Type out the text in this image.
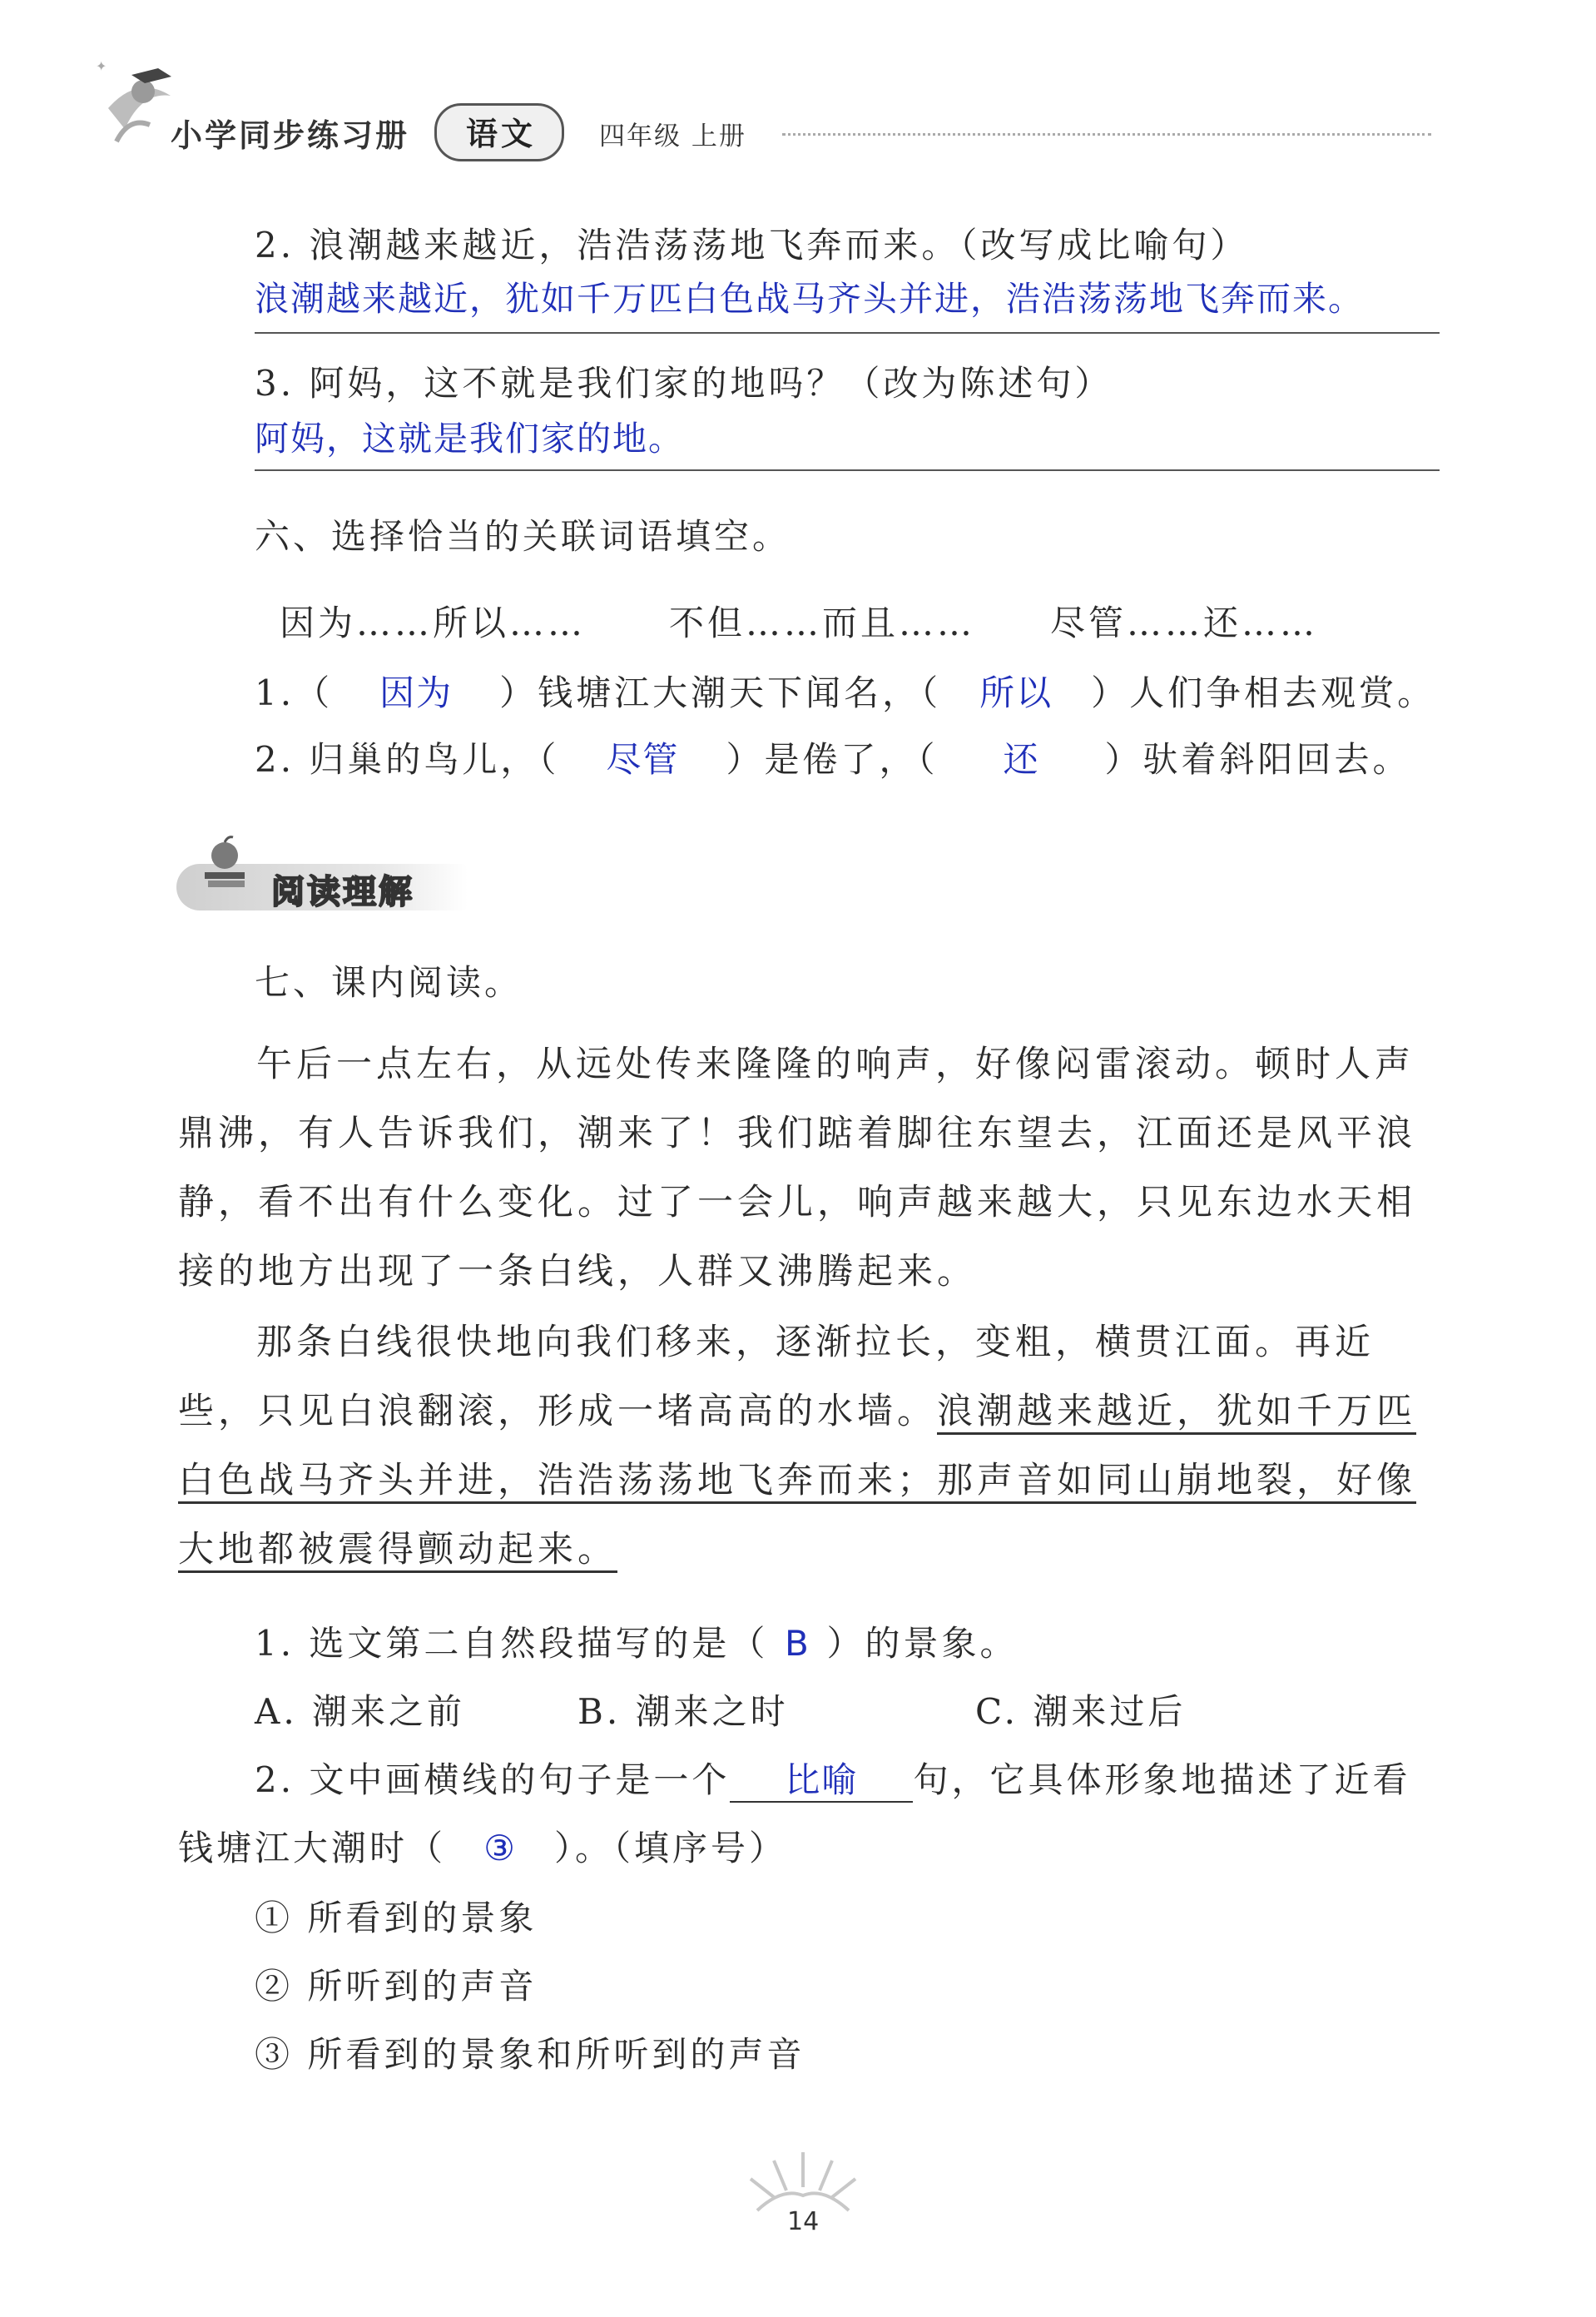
✦
小学同步练习册 语文 四年级 上册
2. 浪潮越来越近，浩浩荡荡地飞奔而来。（改写成比喻句）
浪潮越来越近，犹如千万匹白色战马齐头并进，浩浩荡荡地飞奔而来。
3. 阿妈，这不就是我们家的地吗？（改为陈述句）
阿妈，这就是我们家的地。
六、选择恰当的关联词语填空。
因为……所以…… 不但……而且…… 尽管……还……
1.（ 因为 ）钱塘江大潮天下闻名，（ 所以 ）人们争相去观赏。
2. 归巢的鸟儿，（ 尽管 ）是倦了，（ 还 ）驮着斜阳回去。
阅读理解
七、课内阅读。
午后一点左右，从远处传来隆隆的响声，好像闷雷滚动。顿时人声鼎沸，有人告诉我们，潮来了！我们踮着脚往东望去，江面还是风平浪静，看不出有什么变化。过了一会儿，响声越来越大，只见东边水天相接的地方出现了一条白线，人群又沸腾起来。
那条白线很快地向我们移来，逐渐拉长，变粗，横贯江面。再近些，只见白浪翻滚，形成一堵高高的水墙。浪潮越来越近，犹如千万匹白色战马齐头并进，浩浩荡荡地飞奔而来；那声音如同山崩地裂，好像大地都被震得颤动起来。
1. 选文第二自然段描写的是（ B ）的景象。
A. 潮来之前	B. 潮来之时	C. 潮来过后
2. 文中画横线的句子是一个 比喻 句，它具体形象地描述了近看
钱塘江大潮时（ ③ ）。（填序号）
① 所看到的景象
② 所听到的声音
③ 所看到的景象和所听到的声音
14
